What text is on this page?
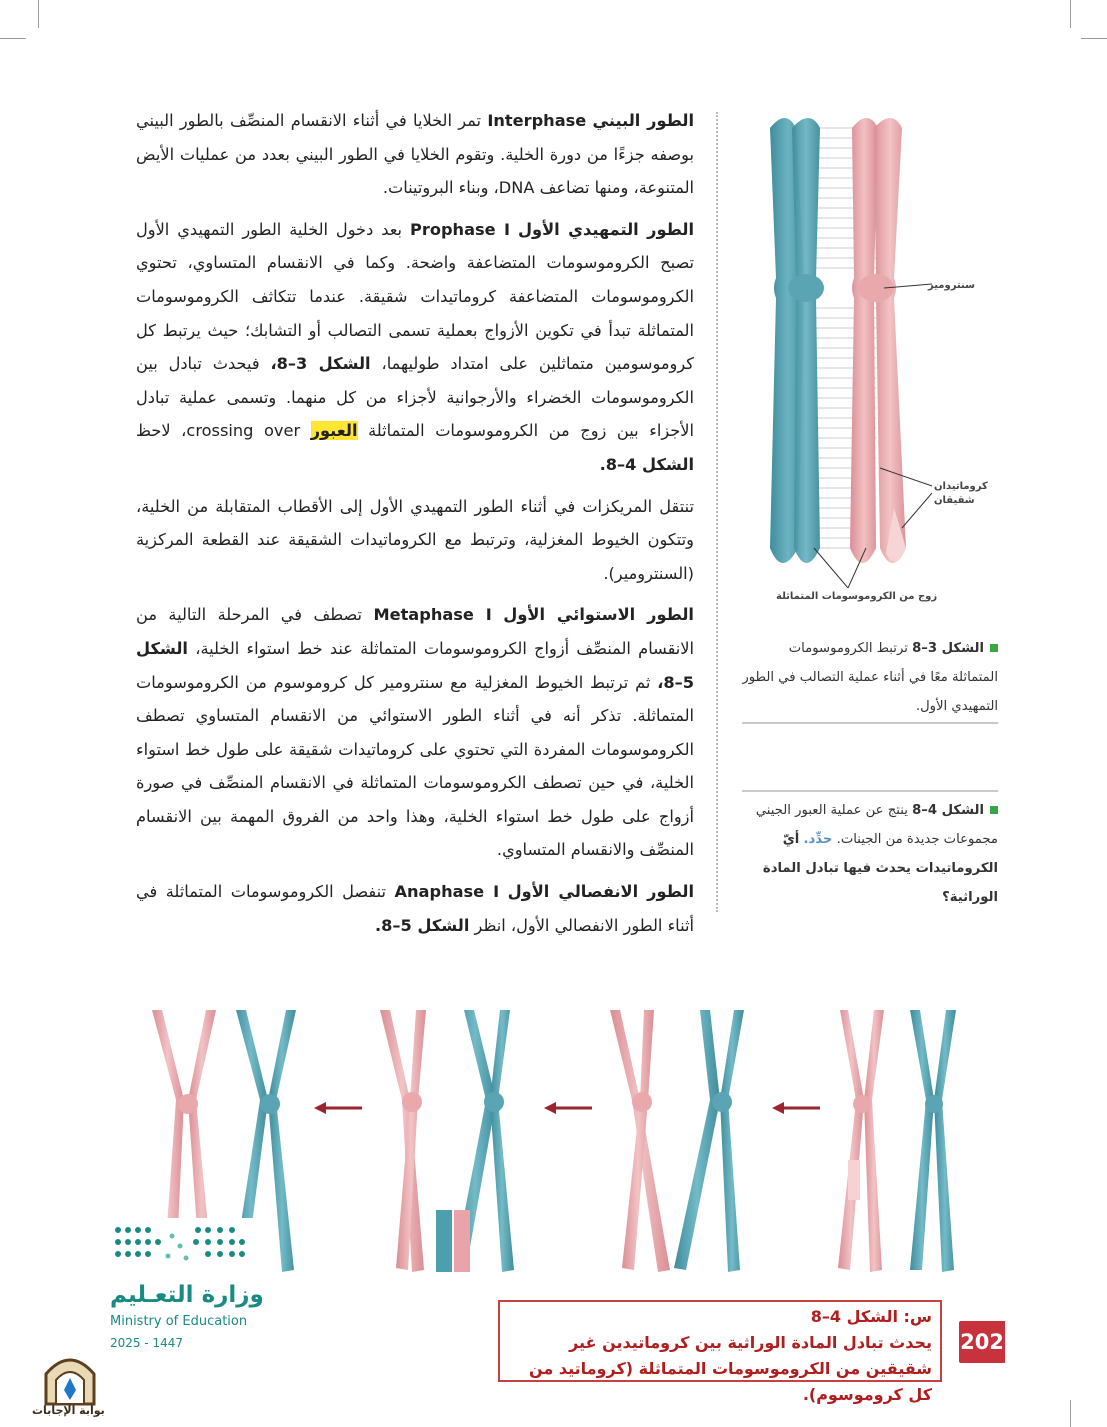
الطور البيني Interphase تمر الخلايا في أثناء الانقسام المنصِّف بالطور البيني بوصفه جزءًا من دورة الخلية. وتقوم الخلايا في الطور البيني بعدد من عمليات الأيض المتنوعة، ومنها تضاعف DNA، وبناء البروتينات.

الطور التمهيدي الأول Prophase I بعد دخول الخلية الطور التمهيدي الأول تصبح الكروموسومات المتضاعفة واضحة. وكما في الانقسام المتساوي، تحتوي الكروموسومات المتضاعفة كروماتيدات شقيقة. عندما تتكاثف الكروموسومات المتماثلة تبدأ في تكوين الأزواج بعملية تسمى التصالب أو التشابك؛ حيث يرتبط كل كروموسومين متماثلين على امتداد طوليهما، الشكل 3–8، فيحدث تبادل بين الكروموسومات الخضراء والأرجوانية لأجزاء من كل منهما. وتسمى عملية تبادل الأجزاء بين زوج من الكروموسومات المتماثلة العبور crossing over، لاحظ الشكل 4–8.

تنتقل المريكزات في أثناء الطور التمهيدي الأول إلى الأقطاب المتقابلة من الخلية، وتتكون الخيوط المغزلية، وترتبط مع الكروماتيدات الشقيقة عند القطعة المركزية (السنترومير).

الطور الاستوائي الأول Metaphase I تصطف في المرحلة التالية من الانقسام المنصِّف أزواج الكروموسومات المتماثلة عند خط استواء الخلية، الشكل 5–8، ثم ترتبط الخيوط المغزلية مع سنترومير كل كروموسوم من الكروموسومات المتماثلة. تذكر أنه في أثناء الطور الاستوائي من الانقسام المتساوي تصطف الكروموسومات المفردة التي تحتوي على كروماتيدات شقيقة على طول خط استواء الخلية، في حين تصطف الكروموسومات المتماثلة في الانقسام المنصِّف في صورة أزواج على طول خط استواء الخلية، وهذا واحد من الفروق المهمة بين الانقسام المنصِّف والانقسام المتساوي.

الطور الانفصالي الأول Anaphase I تنفصل الكروموسومات المتماثلة في أثناء الطور الانفصالي الأول، انظر الشكل 5–8.

سنترومير
كروماتيدان
شقيقان
زوج من الكروموسومات المتماثلة
الشكل 3–8 ترتبط الكروموسومات المتماثلة معًا في أثناء عملية التصالب في الطور التمهيدي الأول.
الشكل 4–8 ينتج عن عملية العبور الجيني مجموعات جديدة من الجينات. حدِّد. أيّ الكروماتيدات يحدث فيها تبادل المادة الوراثية؟
وزارة التعـليم
Ministry of Education
2025 - 1447
س: الشكل 4–8
يحدث تبادل المادة الوراثية بين كروماتيدين غير شقيقين من الكروموسومات المتماثلة (كروماتيد من كل كروموسوم).
202
بوابة الإجابات
